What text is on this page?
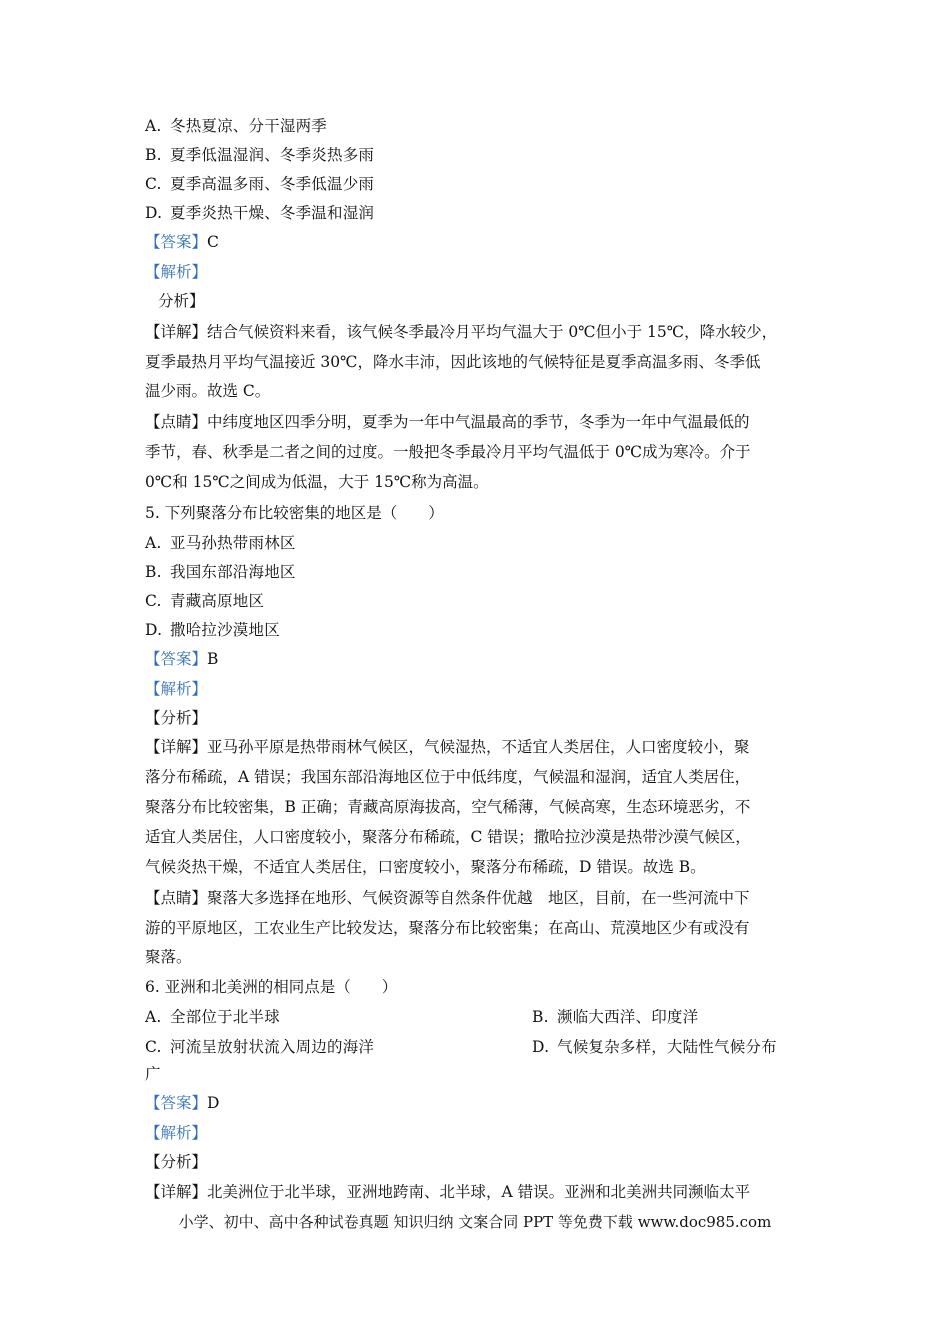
A. 冬热夏凉、分干湿两季
B. 夏季低温湿润、冬季炎热多雨
C. 夏季高温多雨、冬季低温少雨
D. 夏季炎热干燥、冬季温和湿润
【答案】C
【解析】
分析】
【详解】结合气候资料来看，该气候冬季最冷月平均气温大于 0℃但小于 15℃，降水较少，
夏季最热月平均气温接近 30℃，降水丰沛，因此该地的气候特征是夏季高温多雨、冬季低
温少雨。故选 C。
【点睛】中纬度地区四季分明，夏季为一年中气温最高的季节，冬季为一年中气温最低的
季节，春、秋季是二者之间的过度。一般把冬季最冷月平均气温低于 0℃成为寒冷。介于
0℃和 15℃之间成为低温，大于 15℃称为高温。
5. 下列聚落分布比较密集的地区是（　　）
A. 亚马孙热带雨林区
B. 我国东部沿海地区
C. 青藏高原地区
D. 撒哈拉沙漠地区
【答案】B
【解析】
【分析】
【详解】亚马孙平原是热带雨林气候区，气候湿热，不适宜人类居住，人口密度较小，聚
落分布稀疏，A 错误；我国东部沿海地区位于中低纬度，气候温和湿润，适宜人类居住，
聚落分布比较密集，B 正确；青藏高原海拔高，空气稀薄，气候高寒，生态环境恶劣，不
适宜人类居住，人口密度较小，聚落分布稀疏，C 错误；撒哈拉沙漠是热带沙漠气候区，
气候炎热干燥，不适宜人类居住，口密度较小，聚落分布稀疏，D 错误。故选 B。
【点睛】聚落大多选择在地形、气候资源等自然条件优越　地区，目前，在一些河流中下
游的平原地区，工农业生产比较发达，聚落分布比较密集；在高山、荒漠地区少有或没有
聚落。
6. 亚洲和北美洲的相同点是（　　）
A. 全部位于北半球	B. 濒临大西洋、印度洋
C. 河流呈放射状流入周边的海洋	D. 气候复杂多样，大陆性气候分布
广
【答案】D
【解析】
【分析】
【详解】北美洲位于北半球，亚洲地跨南、北半球，A 错误。亚洲和北美洲共同濒临太平
小学、初中、高中各种试卷真题 知识归纳 文案合同 PPT 等免费下载 www.doc985.com
